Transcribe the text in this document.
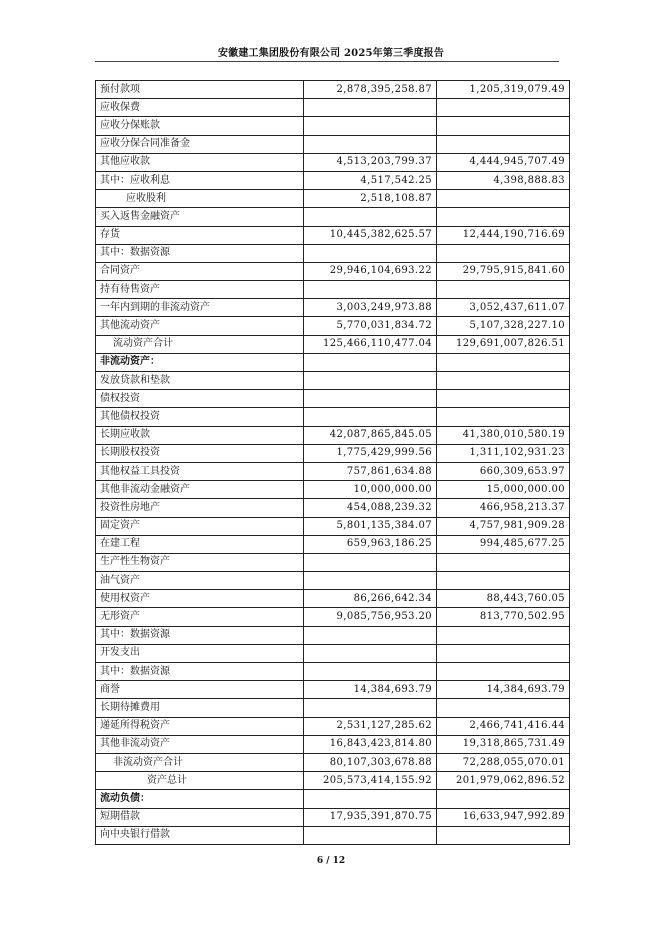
安徽建工集团股份有限公司 2025年第三季度报告
预付款项	2,878,395,258.87	1,205,319,079.49
应收保费		
应收分保账款		
应收分保合同准备金		
其他应收款	4,513,203,799.37	4,444,945,707.49
其中：应收利息	4,517,542.25	4,398,888.83
应收股利	2,518,108.87	
买入返售金融资产		
存货	10,445,382,625.57	12,444,190,716.69
其中：数据资源		
合同资产	29,946,104,693.22	29,795,915,841.60
持有待售资产		
一年内到期的非流动资产	3,003,249,973.88	3,052,437,611.07
其他流动资产	5,770,031,834.72	5,107,328,227.10
流动资产合计	125,466,110,477.04	129,691,007,826.51
非流动资产：		
发放贷款和垫款		
债权投资		
其他债权投资		
长期应收款	42,087,865,845.05	41,380,010,580.19
长期股权投资	1,775,429,999.56	1,311,102,931.23
其他权益工具投资	757,861,634.88	660,309,653.97
其他非流动金融资产	10,000,000.00	15,000,000.00
投资性房地产	454,088,239.32	466,958,213.37
固定资产	5,801,135,384.07	4,757,981,909.28
在建工程	659,963,186.25	994,485,677.25
生产性生物资产		
油气资产		
使用权资产	86,266,642.34	88,443,760.05
无形资产	9,085,756,953.20	813,770,502.95
其中：数据资源		
开发支出		
其中：数据资源		
商誉	14,384,693.79	14,384,693.79
长期待摊费用		
递延所得税资产	2,531,127,285.62	2,466,741,416.44
其他非流动资产	16,843,423,814.80	19,318,865,731.49
非流动资产合计	80,107,303,678.88	72,288,055,070.01
资产总计	205,573,414,155.92	201,979,062,896.52
流动负债：		
短期借款	17,935,391,870.75	16,633,947,992.89
向中央银行借款		
6 / 12
